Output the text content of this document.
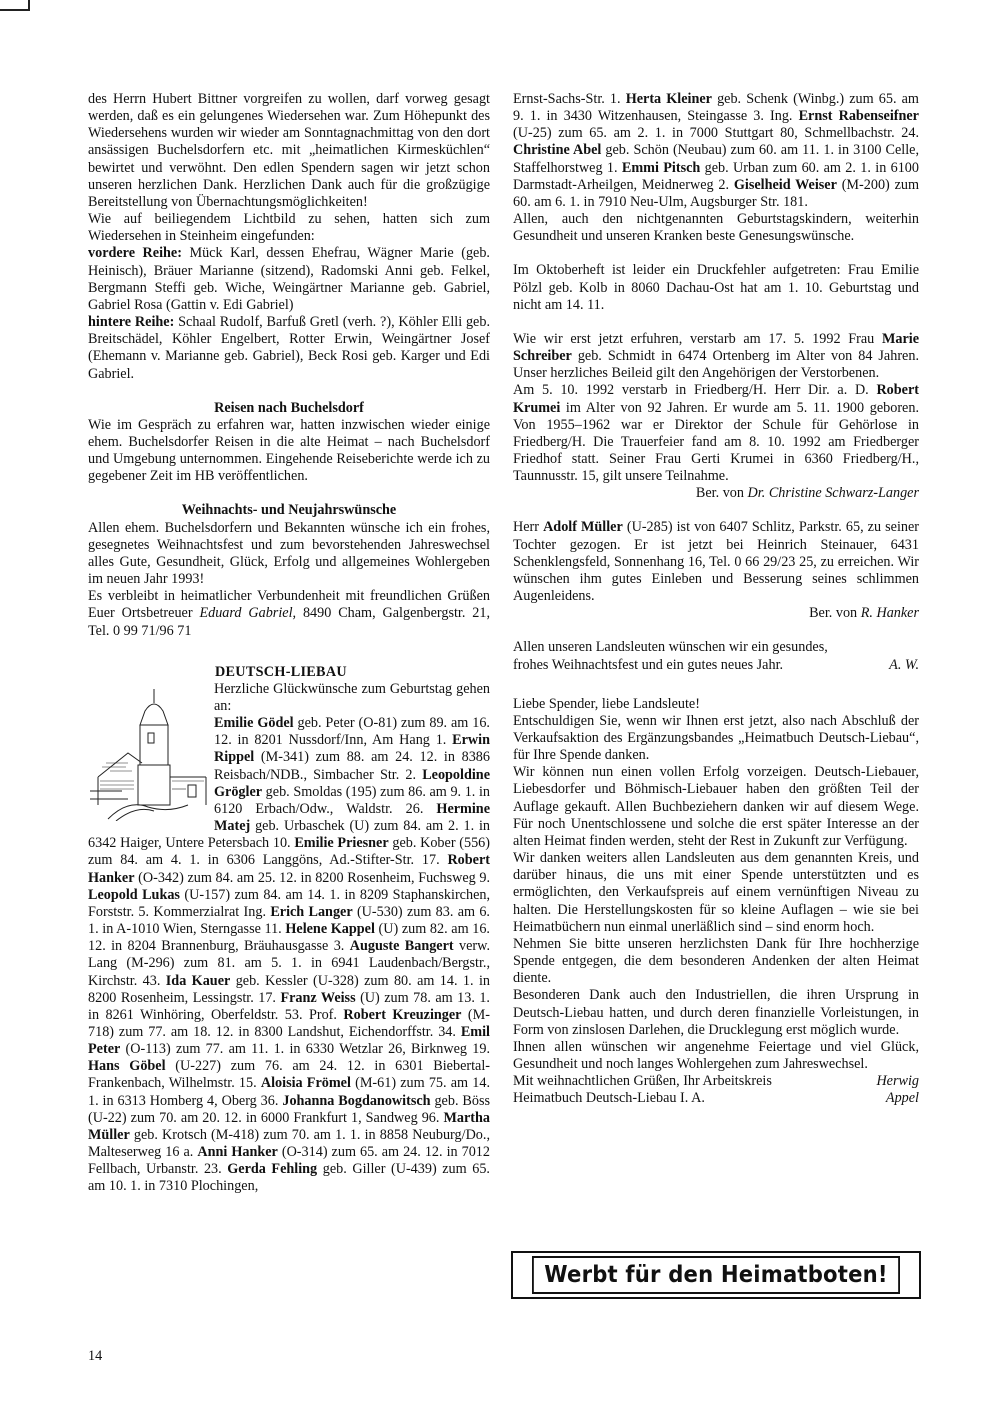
des Herrn Hubert Bittner vorgreifen zu wollen, darf vorweg gesagt werden, daß es ein gelungenes Wiedersehen war. Zum Höhepunkt des Wiedersehens wurden wir wieder am Sonntagnachmittag von den dort ansässigen Buchelsdorfern etc. mit „heimatlichen Kirmesküchlen“ bewirtet und verwöhnt. Den edlen Spendern sagen wir jetzt schon unseren herzlichen Dank. Herzlichen Dank auch für die großzügige Bereitstellung von Übernachtungsmöglichkeiten!

Wie auf beiliegendem Lichtbild zu sehen, hatten sich zum Wiedersehen in Steinheim eingefunden:

vordere Reihe: Mück Karl, dessen Ehefrau, Wägner Marie (geb. Heinisch), Bräuer Marianne (sitzend), Radomski Anni geb. Felkel, Bergmann Steffi geb. Wiche, Weingärtner Marianne geb. Gabriel, Gabriel Rosa (Gattin v. Edi Gabriel)

hintere Reihe: Schaal Rudolf, Barfuß Gretl (verh. ?), Köhler Elli geb. Breitschädel, Köhler Engelbert, Rotter Erwin, Weingärtner Josef (Ehemann v. Marianne geb. Gabriel), Beck Rosi geb. Karger und Edi Gabriel.

Reisen nach Buchelsdorf

Wie im Gespräch zu erfahren war, hatten inzwischen wieder einige ehem. Buchelsdorfer Reisen in die alte Heimat – nach Buchelsdorf und Umgebung unternommen. Eingehende Reiseberichte werde ich zu gegebener Zeit im HB veröffentlichen.

Weihnachts- und Neujahrswünsche

Allen ehem. Buchelsdorfern und Bekannten wünsche ich ein frohes, gesegnetes Weihnachtsfest und zum bevorstehenden Jahreswechsel alles Gute, Gesundheit, Glück, Erfolg und allgemeines Wohlergeben im neuen Jahr 1993!

Es verbleibt in heimatlicher Verbundenheit mit freundlichen Grüßen Euer Ortsbetreuer Eduard Gabriel, 8490 Cham, Galgenbergstr. 21, Tel. 0 99 71/96 71

DEUTSCH-LIEBAU

Herzliche Glückwünsche zum Geburtstag gehen an:

Emilie Gödel geb. Peter (O-81) zum 89. am 16. 12. in 8201 Nussdorf/Inn, Am Hang 1. Erwin Rippel (M-341) zum 88. am 24. 12. in 8386 Reisbach/NDB., Simbacher Str. 2. Leopoldine Grögler geb. Smoldas (195) zum 86. am 9. 1. in 6120 Erbach/Odw., Waldstr. 26. Hermine Matej geb. Urbaschek (U) zum 84. am 2. 1. in 6342 Haiger, Untere Petersbach 10. Emilie Priesner geb. Kober (556) zum 84. am 4. 1. in 6306 Langgöns, Ad.-Stifter-Str. 17. Robert Hanker (O-342) zum 84. am 25. 12. in 8200 Rosenheim, Fuchsweg 9. Leopold Lukas (U-157) zum 84. am 14. 1. in 8209 Staphanskirchen, Forststr. 5. Kommerzialrat Ing. Erich Langer (U-530) zum 83. am 6. 1. in A-1010 Wien, Sterngasse 11. Helene Kappel (U) zum 82. am 16. 12. in 8204 Brannenburg, Bräuhausgasse 3. Auguste Bangert verw. Lang (M-296) zum 81. am 5. 1. in 6941 Laudenbach/Bergstr., Kirchstr. 43. Ida Kauer geb. Kessler (U-328) zum 80. am 14. 1. in 8200 Rosenheim, Lessingstr. 17. Franz Weiss (U) zum 78. am 13. 1. in 8261 Winhöring, Oberfeldstr. 53. Prof. Robert Kreuzinger (M-718) zum 77. am 18. 12. in 8300 Landshut, Eichendorffstr. 34. Emil Peter (O-113) zum 77. am 11. 1. in 6330 Wetzlar 26, Birknweg 19. Hans Göbel (U-227) zum 76. am 24. 12. in 6301 Biebertal-Frankenbach, Wilhelmstr. 15. Aloisia Frömel (M-61) zum 75. am 14. 1. in 6313 Homberg 4, Oberg 36. Johanna Bogdanowitsch geb. Böss (U-22) zum 70. am 20. 12. in 6000 Frankfurt 1, Sandweg 96. Martha Müller geb. Krotsch (M-418) zum 70. am 1. 1. in 8858 Neuburg/Do., Malteserweg 16 a. Anni Hanker (O-314) zum 65. am 24. 12. in 7012 Fellbach, Urbanstr. 23. Gerda Fehling geb. Giller (U-439) zum 65. am 10. 1. in 7310 Plochingen,

Ernst-Sachs-Str. 1. Herta Kleiner geb. Schenk (Winbg.) zum 65. am 9. 1. in 3430 Witzenhausen, Steingasse 3. Ing. Ernst Rabenseifner (U-25) zum 65. am 2. 1. in 7000 Stuttgart 80, Schmellbachstr. 24. Christine Abel geb. Schön (Neubau) zum 60. am 11. 1. in 3100 Celle, Staffelhorstweg 1. Emmi Pitsch geb. Urban zum 60. am 2. 1. in 6100 Darmstadt-Arheilgen, Meidnerweg 2. Giselheid Weiser (M-200) zum 60. am 6. 1. in 7910 Neu-Ulm, Augsburger Str. 181.

Allen, auch den nichtgenannten Geburtstagskindern, weiterhin Gesundheit und unseren Kranken beste Genesungswünsche.

Im Oktoberheft ist leider ein Druckfehler aufgetreten: Frau Emilie Pölzl geb. Kolb in 8060 Dachau-Ost hat am 1. 10. Geburtstag und nicht am 14. 11.

Wie wir erst jetzt erfuhren, verstarb am 17. 5. 1992 Frau Marie Schreiber geb. Schmidt in 6474 Ortenberg im Alter von 84 Jahren. Unser herzliches Beileid gilt den Angehörigen der Verstorbenen.

Am 5. 10. 1992 verstarb in Friedberg/H. Herr Dir. a. D. Robert Krumei im Alter von 92 Jahren. Er wurde am 5. 11. 1900 geboren. Von 1955–1962 war er Direktor der Schule für Gehörlose in Friedberg/H. Die Trauerfeier fand am 8. 10. 1992 am Friedberger Friedhof statt. Seiner Frau Gerti Krumei in 6360 Friedberg/H., Taunnusstr. 15, gilt unsere Teilnahme.

Ber. von Dr. Christine Schwarz-Langer

Herr Adolf Müller (U-285) ist von 6407 Schlitz, Parkstr. 65, zu seiner Tochter gezogen. Er ist jetzt bei Heinrich Steinauer, 6431 Schenklengsfeld, Sonnenhang 16, Tel. 0 66 29/23 25, zu erreichen. Wir wünschen ihm gutes Einleben und Besserung seines schlimmen Augenleidens.

Ber. von R. Hanker

Allen unseren Landsleuten wünschen wir ein gesundes, frohes Weihnachtsfest und ein gutes neues Jahr.	A. W.

Liebe Spender, liebe Landsleute!

Entschuldigen Sie, wenn wir Ihnen erst jetzt, also nach Abschluß der Verkaufsaktion des Ergänzungsbandes „Heimatbuch Deutsch-Liebau“, für Ihre Spende danken.

Wir können nun einen vollen Erfolg vorzeigen. Deutsch-Liebauer, Liebesdorfer und Böhmisch-Liebauer haben den größten Teil der Auflage gekauft. Allen Buchbeziehern danken wir auf diesem Wege. Für noch Unentschlossene und solche die erst später Interesse an der alten Heimat finden werden, steht der Rest in Zukunft zur Verfügung.

Wir danken weiters allen Landsleuten aus dem genannten Kreis, und darüber hinaus, die uns mit einer Spende unterstützten und es ermöglichten, den Verkaufspreis auf einem vernünftigen Niveau zu halten. Die Herstellungskosten für so kleine Auflagen – wie sie bei Heimatbüchern nun einmal unerläßlich sind – sind enorm hoch.

Nehmen Sie bitte unseren herzlichsten Dank für Ihre hochherzige Spende entgegen, die dem besonderen Andenken der alten Heimat diente.

Besonderen Dank auch den Industriellen, die ihren Ursprung in Deutsch-Liebau hatten, und durch deren finanzielle Vorleistungen, in Form von zinslosen Darlehen, die Drucklegung erst möglich wurde.

Ihnen allen wünschen wir angenehme Feiertage und viel Glück, Gesundheit und noch langes Wohlergehen zum Jahreswechsel.

Mit weihnachtlichen Grüßen, Ihr Arbeitskreis Heimatbuch Deutsch-Liebau I. A.
Herwig Appel
Werbt für den Heimatboten!
14
